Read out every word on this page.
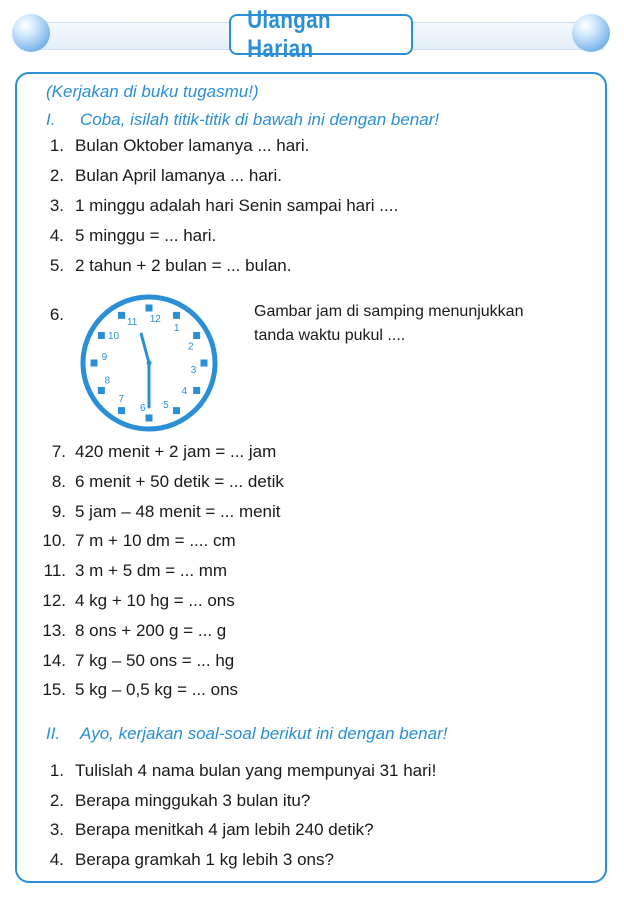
Ulangan Harian
(Kerjakan di buku tugasmu!)
I. Coba, isilah titik-titik di bawah ini dengan benar!
1. Bulan Oktober lamanya ... hari.
2. Bulan April lamanya ... hari.
3. 1 minggu adalah hari Senin sampai hari ....
4. 5 minggu = ... hari.
5. 2 tahun + 2 bulan = ... bulan.
6.	12
1
2
3
4
5
6
7
8
9
10
11
Gambar jam di samping menunjukkan
tanda waktu pukul ....
7. 420 menit + 2 jam = ... jam
8. 6 menit + 50 detik = ... detik
9. 5 jam – 48 menit = ... menit
10. 7 m + 10 dm = .... cm
11. 3 m + 5 dm = ... mm
12. 4 kg + 10 hg = ... ons
13. 8 ons + 200 g = ... g
14. 7 kg – 50 ons = ... hg
15. 5 kg – 0,5 kg = ... ons
II. Ayo, kerjakan soal-soal berikut ini dengan benar!
1. Tulislah 4 nama bulan yang mempunyai 31 hari!
2. Berapa minggukah 3 bulan itu?
3. Berapa menitkah 4 jam lebih 240 detik?
4. Berapa gramkah 1 kg lebih 3 ons?
